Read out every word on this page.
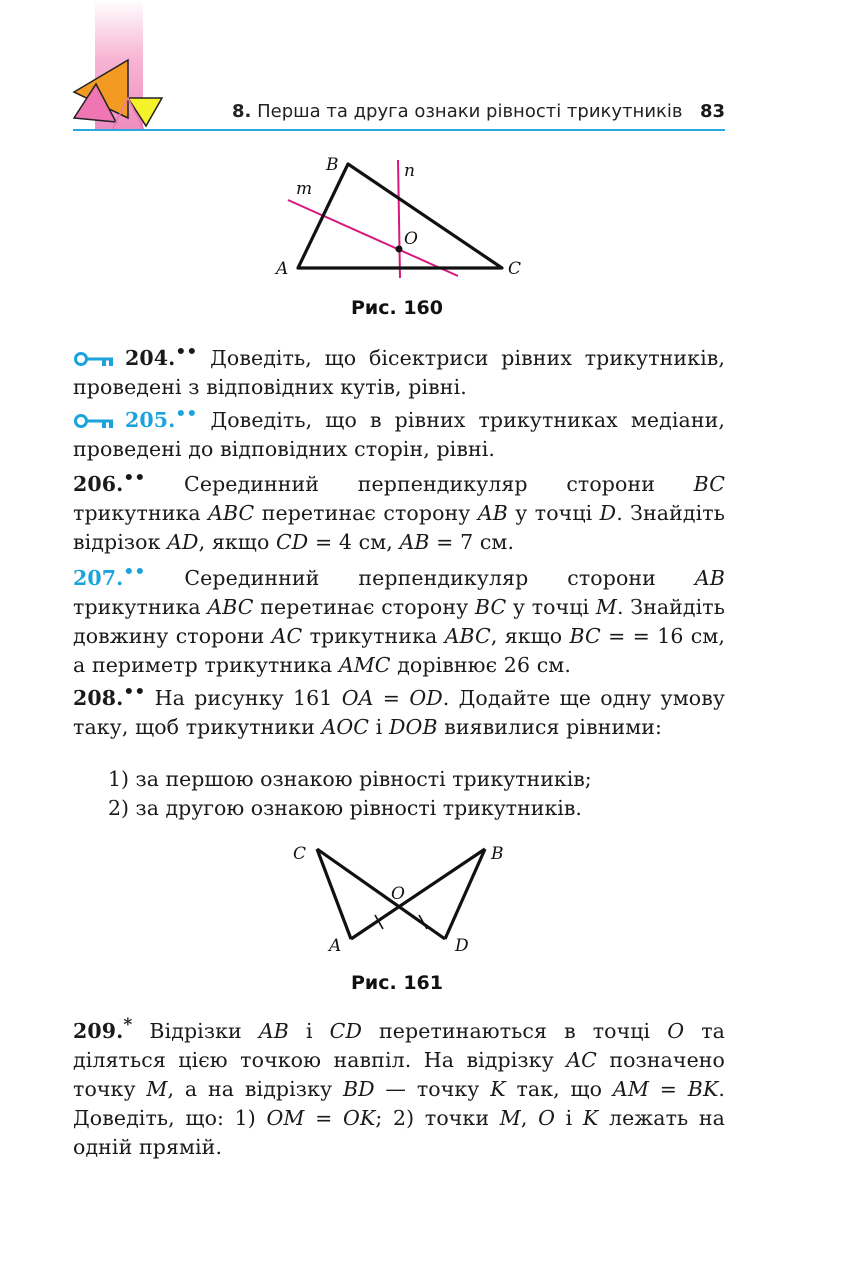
8. Перша та друга ознаки рівності трикутників 83
A
B
C
O
m
n
Рис. 160
204.•• Доведіть, що бісектриси рівних трикутників, проведені з відповідних кутів, рівні.
205.•• Доведіть, що в рівних трикутниках медіани, проведені до відповідних сторін, рівні.
206.•• Серединний перпендикуляр сторони BC трикутника ABC перетинає сторону AB у точці D. Знайдіть відрізок AD, якщо CD = 4 см, AB = 7 см.
207.•• Серединний перпендикуляр сторони AB трикутника ABC перетинає сторону BC у точці M. Знайдіть довжину сторони AC трикутника ABC, якщо BC = = 16 см, а периметр трикутника AMC дорівнює 26 см.
208.•• На рисунку 161 OA = OD. Додайте ще одну умову таку, щоб трикутники AOC і DOB виявилися рівними:
1) за першою ознакою рівності трикутників;
2) за другою ознакою рівності трикутників.
C	B
O
A	D
Рис. 161
209.* Відрізки AB і CD перетинаються в точці O та діляться цією точкою навпіл. На відрізку AC позначено точку M, а на відрізку BD — точку K так, що AM = BK. Доведіть, що: 1) OM = OK; 2) точки M, O і K лежать на одній прямій.
